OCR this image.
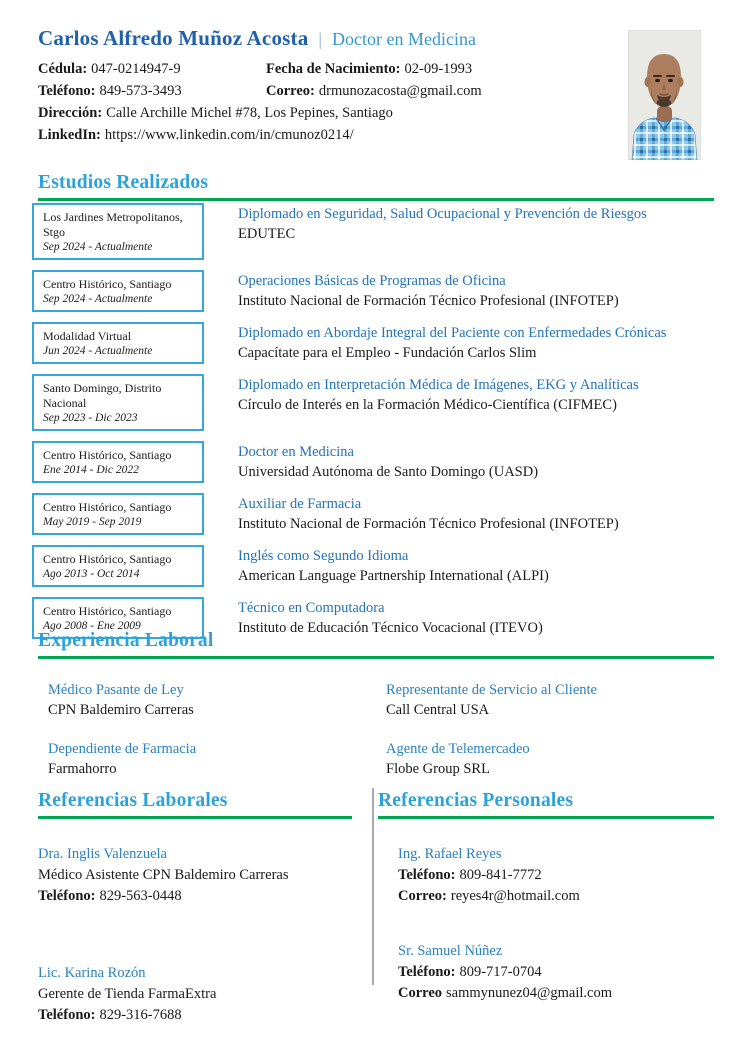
Carlos Alfredo Muñoz Acosta | Doctor en Medicina
Cédula: 047-0214947-9	Fecha de Nacimiento: 02-09-1993
Teléfono: 849-573-3493	Correo: drmunozacosta@gmail.com
Dirección: Calle Archille Michel #78, Los Pepines, Santiago
LinkedIn: https://www.linkedin.com/in/cmunoz0214/
Estudios Realizados
Los Jardines Metropolitanos, Stgo
Sep 2024 - Actualmente
Diplomado en Seguridad, Salud Ocupacional y Prevención de Riesgos
EDUTEC
Centro Histórico, Santiago
Sep 2024 - Actualmente
Operaciones Básicas de Programas de Oficina
Instituto Nacional de Formación Técnico Profesional (INFOTEP)
Modalidad Virtual
Jun 2024 - Actualmente
Diplomado en Abordaje Integral del Paciente con Enfermedades Crónicas
Capacítate para el Empleo - Fundación Carlos Slim
Santo Domingo, Distrito Nacional
Sep 2023 - Dic 2023
Diplomado en Interpretación Médica de Imágenes, EKG y Analíticas
Círculo de Interés en la Formación Médico-Científica (CIFMEC)
Centro Histórico, Santiago
Ene 2014 - Dic 2022
Doctor en Medicina
Universidad Autónoma de Santo Domingo (UASD)
Centro Histórico, Santiago
May 2019 - Sep 2019
Auxiliar de Farmacia
Instituto Nacional de Formación Técnico Profesional (INFOTEP)
Centro Histórico, Santiago
Ago 2013 - Oct 2014
Inglés como Segundo Idioma
American Language Partnership International (ALPI)
Centro Histórico, Santiago
Ago 2008 - Ene 2009
Técnico en Computadora
Instituto de Educación Técnico Vocacional (ITEVO)
Experiencia Laboral
Médico Pasante de Ley
CPN Baldemiro Carreras
Representante de Servicio al Cliente
Call Central USA
Dependiente de Farmacia
Farmahorro
Agente de Telemercadeo
Flobe Group SRL
Referencias Laborales
Dra. Inglis Valenzuela
Médico Asistente CPN Baldemiro Carreras
Teléfono: 829-563-0448
Lic. Karina Rozón
Gerente de Tienda FarmaExtra
Teléfono: 829-316-7688
Referencias Personales
Ing. Rafael Reyes
Teléfono: 809-841-7772
Correo: reyes4r@hotmail.com
Sr. Samuel Núñez
Teléfono: 809-717-0704
Correo sammynunez04@gmail.com
